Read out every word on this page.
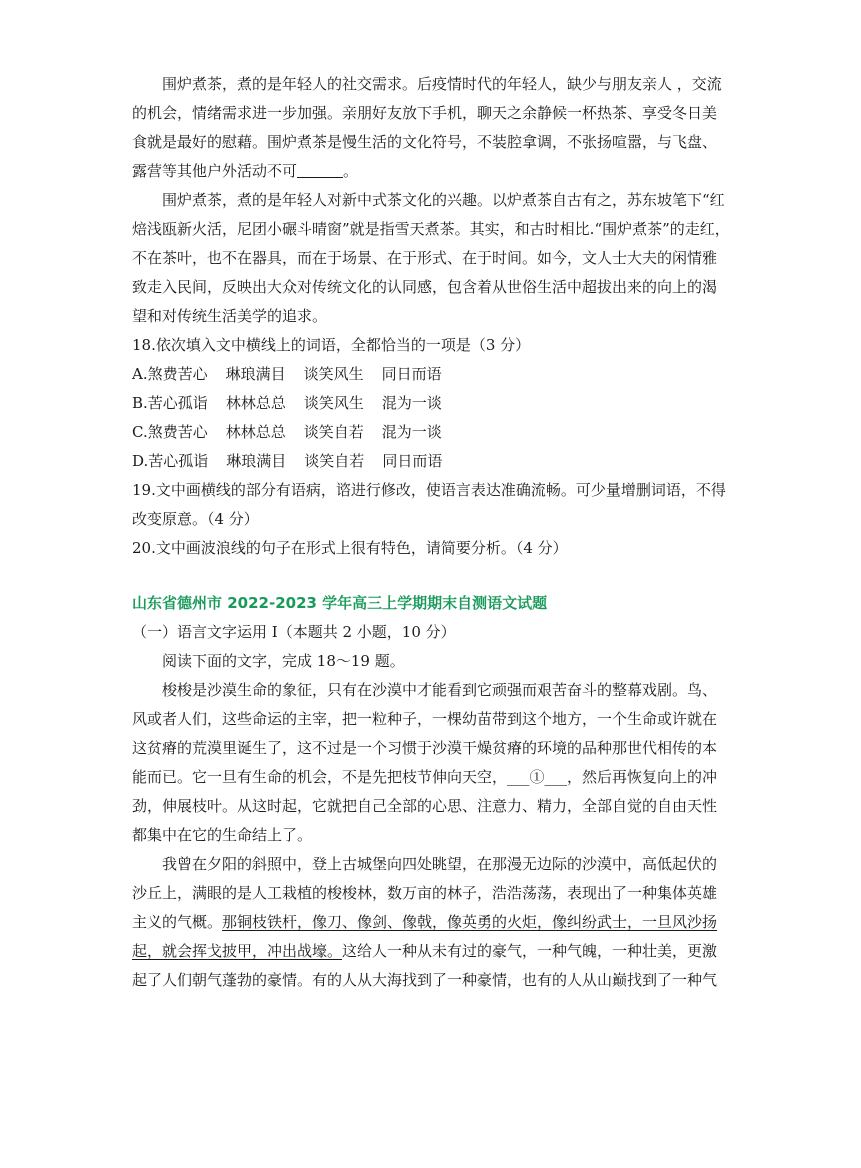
围炉煮茶，煮的是年轻人的社交需求。后疫情时代的年轻人，缺少与朋友亲人 ，交流的机会，情绪需求进一步加强。亲朋好友放下手机，聊天之余静候一杯热茶、享受冬日美食就是最好的慰藉。围炉煮茶是慢生活的文化符号，不装腔拿调，不张扬喧嚣，与飞盘、露营等其他户外活动不可	。

围炉煮茶，煮的是年轻人对新中式茶文化的兴趣。以炉煮茶自古有之，苏东坡笔下“红焙浅瓯新火活，尼团小碾斗晴窗”就是指雪天煮茶。其实，和古时相比.“围炉煮茶”的走红，不在茶叶，也不在器具，而在于场景、在于形式、在于时间。如今，文人士大夫的闲情雅致走入民间，反映出大众对传统文化的认同感，包含着从世俗生活中超拔出来的向上的渴望和对传统生活美学的追求。

18.依次填入文中横线上的词语，全都恰当的一项是（3 分）

A.煞费苦心 琳琅满目 谈笑风生 同日而语

B.苦心孤诣 林林总总 谈笑风生 混为一谈

C.煞费苦心 林林总总 谈笑自若 混为一谈

D.苦心孤诣 琳琅满目 谈笑自若 同日而语

19.文中画横线的部分有语病，谘进行修改，使语言表达准确流畅。可少量增删词语，不得改变原意。（4 分）

20.文中画波浪线的句子在形式上很有特色，请简要分析。（4 分）

山东省德州市 2022-2023 学年高三上学期期末自测语文试题

（一）语言文字运用 I（本题共 2 小题，10 分）

阅读下面的文字，完成 18～19 题。

梭梭是沙漠生命的象征，只有在沙漠中才能看到它顽强而艰苦奋斗的整幕戏剧。鸟、风或者人们，这些命运的主宰，把一粒种子，一棵幼苗带到这个地方，一个生命或许就在这贫瘠的荒漠里诞生了，这不过是一个习惯于沙漠干燥贫瘠的环境的品种那世代相传的本能而已。它一旦有生命的机会，不是先把枝节伸向天空，___①___，然后再恢复向上的冲劲，伸展枝叶。从这时起，它就把自己全部的心思、注意力、精力，全部自觉的自由天性都集中在它的生命结上了。

我曾在夕阳的斜照中，登上古城堡向四处眺望，在那漫无边际的沙漠中，高低起伏的沙丘上，满眼的是人工栽植的梭梭林，数万亩的林子，浩浩荡荡，表现出了一种集体英雄主义的气概。那铜枝铁杆，像刀、像剑、像戟，像英勇的火炬，像纠纷武士，一旦风沙扬起，就会挥戈披甲，冲出战壕。这给人一种从未有过的豪气，一种气魄，一种壮美，更激起了人们朝气蓬勃的豪情。有的人从大海找到了一种豪情，也有的人从山巅找到了一种气
